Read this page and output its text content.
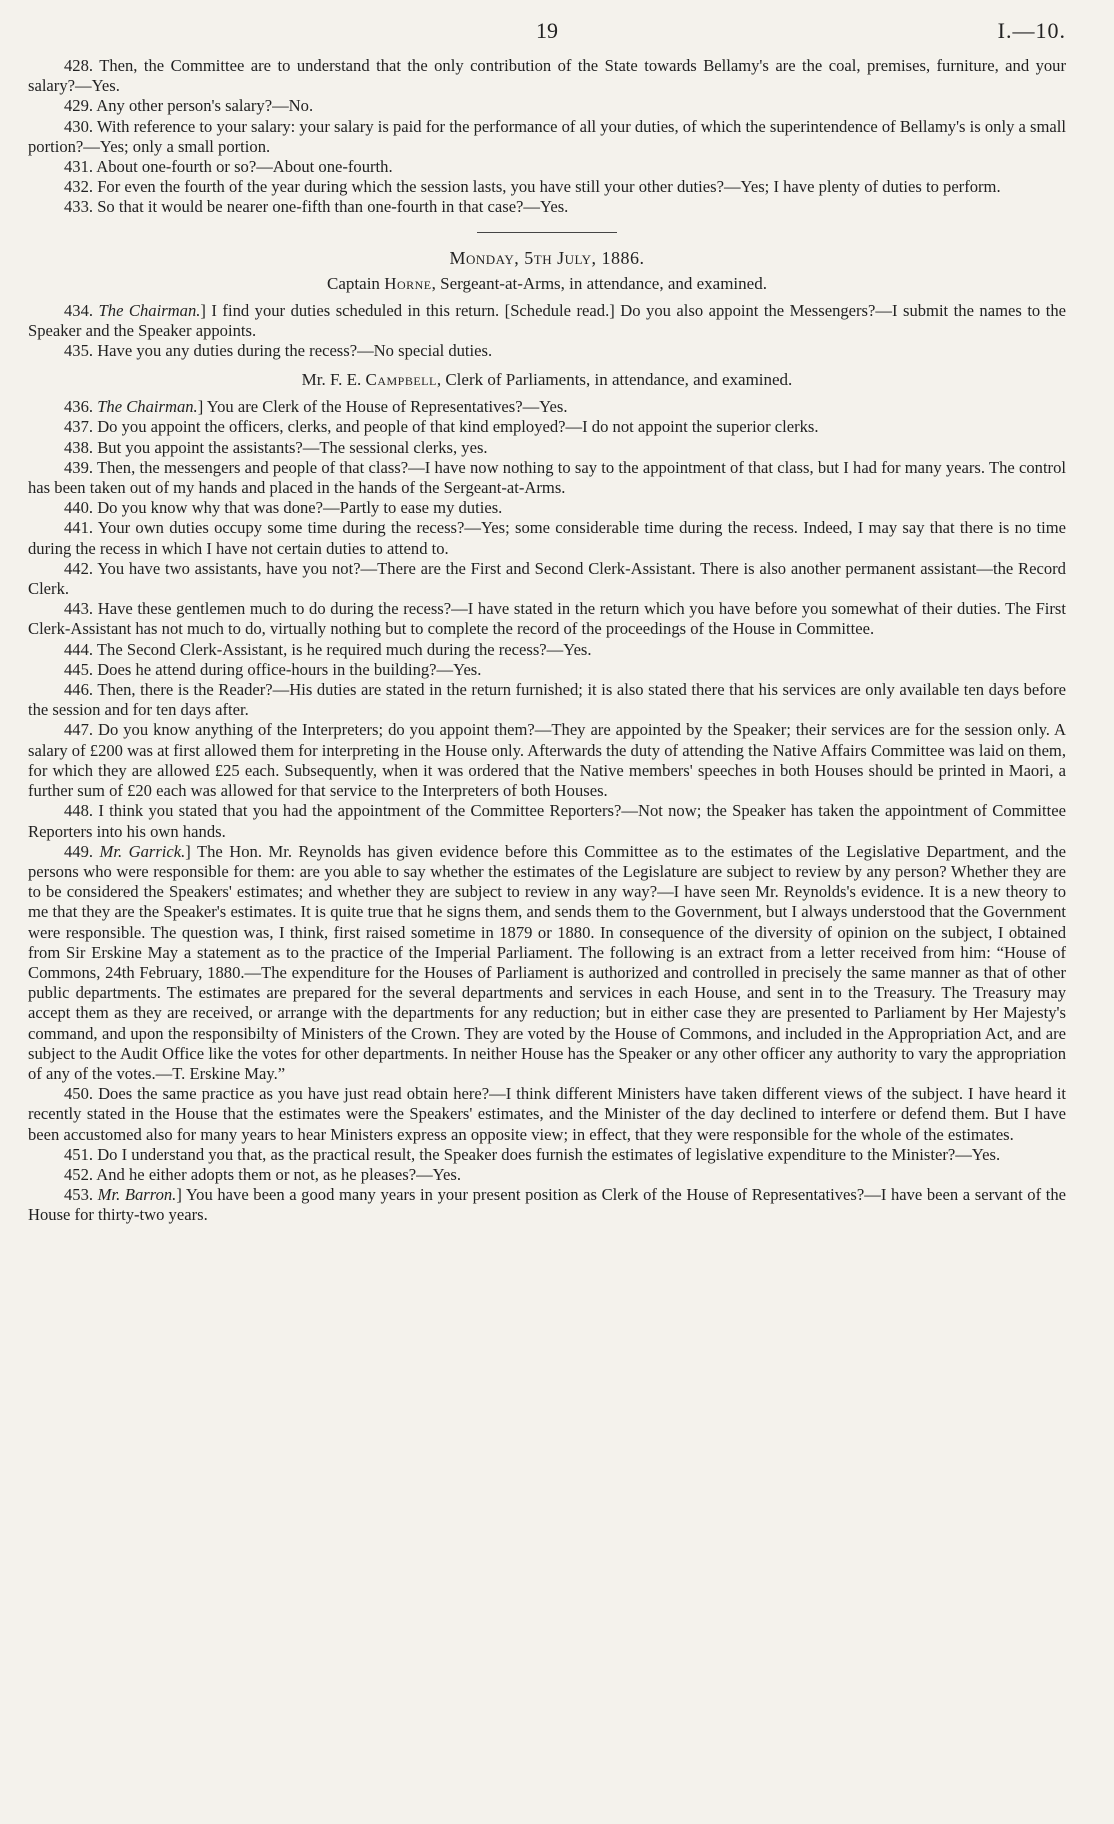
19	I.—10.

428. Then, the Committee are to understand that the only contribution of the State towards Bellamy's are the coal, premises, furniture, and your salary?—Yes.

429. Any other person's salary?—No.

430. With reference to your salary: your salary is paid for the performance of all your duties, of which the superintendence of Bellamy's is only a small portion?—Yes; only a small portion.

431. About one-fourth or so?—About one-fourth.

432. For even the fourth of the year during which the session lasts, you have still your other duties?—Yes; I have plenty of duties to perform.

433. So that it would be nearer one-fifth than one-fourth in that case?—Yes.

Monday, 5th July, 1886.

Captain Horne, Sergeant-at-Arms, in attendance, and examined.

434. The Chairman.] I find your duties scheduled in this return. [Schedule read.] Do you also appoint the Messengers?—I submit the names to the Speaker and the Speaker appoints.

435. Have you any duties during the recess?—No special duties.

Mr. F. E. Campbell, Clerk of Parliaments, in attendance, and examined.

436. The Chairman.] You are Clerk of the House of Representatives?—Yes.

437. Do you appoint the officers, clerks, and people of that kind employed?—I do not appoint the superior clerks.

438. But you appoint the assistants?—The sessional clerks, yes.

439. Then, the messengers and people of that class?—I have now nothing to say to the appointment of that class, but I had for many years. The control has been taken out of my hands and placed in the hands of the Sergeant-at-Arms.

440. Do you know why that was done?—Partly to ease my duties.

441. Your own duties occupy some time during the recess?—Yes; some considerable time during the recess. Indeed, I may say that there is no time during the recess in which I have not certain duties to attend to.

442. You have two assistants, have you not?—There are the First and Second Clerk-Assistant. There is also another permanent assistant—the Record Clerk.

443. Have these gentlemen much to do during the recess?—I have stated in the return which you have before you somewhat of their duties. The First Clerk-Assistant has not much to do, virtually nothing but to complete the record of the proceedings of the House in Committee.

444. The Second Clerk-Assistant, is he required much during the recess?—Yes.

445. Does he attend during office-hours in the building?—Yes.

446. Then, there is the Reader?—His duties are stated in the return furnished; it is also stated there that his services are only available ten days before the session and for ten days after.

447. Do you know anything of the Interpreters; do you appoint them?—They are appointed by the Speaker; their services are for the session only. A salary of £200 was at first allowed them for interpreting in the House only. Afterwards the duty of attending the Native Affairs Committee was laid on them, for which they are allowed £25 each. Subsequently, when it was ordered that the Native members' speeches in both Houses should be printed in Maori, a further sum of £20 each was allowed for that service to the Interpreters of both Houses.

448. I think you stated that you had the appointment of the Committee Reporters?—Not now; the Speaker has taken the appointment of Committee Reporters into his own hands.

449. Mr. Garrick.] The Hon. Mr. Reynolds has given evidence before this Committee as to the estimates of the Legislative Department, and the persons who were responsible for them: are you able to say whether the estimates of the Legislature are subject to review by any person? Whether they are to be considered the Speakers' estimates; and whether they are subject to review in any way?—I have seen Mr. Reynolds's evidence. It is a new theory to me that they are the Speaker's estimates. It is quite true that he signs them, and sends them to the Government, but I always understood that the Government were responsible. The question was, I think, first raised sometime in 1879 or 1880. In consequence of the diversity of opinion on the subject, I obtained from Sir Erskine May a statement as to the practice of the Imperial Parliament. The following is an extract from a letter received from him: “House of Commons, 24th February, 1880.—The expenditure for the Houses of Parliament is authorized and controlled in precisely the same manner as that of other public departments. The estimates are prepared for the several departments and services in each House, and sent in to the Treasury. The Treasury may accept them as they are received, or arrange with the departments for any reduction; but in either case they are presented to Parliament by Her Majesty's command, and upon the responsibilty of Ministers of the Crown. They are voted by the House of Commons, and included in the Appropriation Act, and are subject to the Audit Office like the votes for other departments. In neither House has the Speaker or any other officer any authority to vary the appropriation of any of the votes.—T. Erskine May.”

450. Does the same practice as you have just read obtain here?—I think different Ministers have taken different views of the subject. I have heard it recently stated in the House that the estimates were the Speakers' estimates, and the Minister of the day declined to interfere or defend them. But I have been accustomed also for many years to hear Ministers express an opposite view; in effect, that they were responsible for the whole of the estimates.

451. Do I understand you that, as the practical result, the Speaker does furnish the estimates of legislative expenditure to the Minister?—Yes.

452. And he either adopts them or not, as he pleases?—Yes.

453. Mr. Barron.] You have been a good many years in your present position as Clerk of the House of Representatives?—I have been a servant of the House for thirty-two years.
